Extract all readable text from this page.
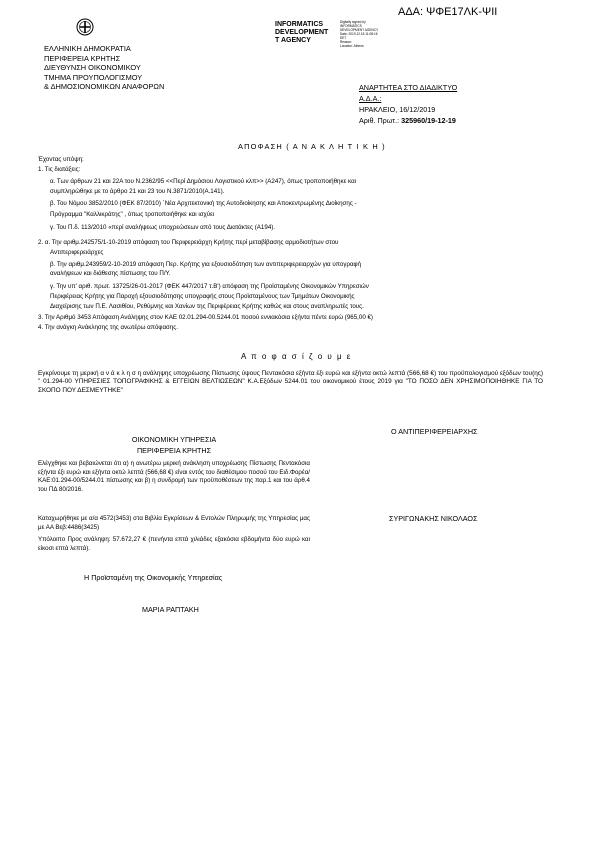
ΑΔΑ: ΨΦΕ17ΛΚ-ΨΙΙ
ΕΛΛΗΝΙΚΗ ΔΗΜΟΚΡΑΤΙΑ
ΠΕΡΙΦΕΡΕΙΑ ΚΡΗΤΗΣ
ΔΙΕΥΘΥΝΣΗ ΟΙΚΟΝΟΜΙΚΟΥ
ΤΜΗΜΑ ΠΡΟΥΠΟΛΟΓΙΣΜΟΥ
& ΔΗΜΟΣΙΟΝΟΜΙΚΩΝ ΑΝΑΦΟΡΩΝ
INFORMATICS
DEVELOPMENT
T AGENCY
Digitally signed by
INFORMATICS
DEVELOPMENT AGENCY
Date: 2019.12.18 11:08:16
EET
Reason:
Location: Athens
ΑΝΑΡΤΗΤΕΑ ΣΤΟ ΔΙΑΔΙΚΤΥΟ
Α.Δ.Α.:
ΗΡΑΚΛΕΙΟ, 16/12/2019
Αριθ. Πρωτ.: 325960/19-12-19
ΑΠΟΦΑΣΗ ( Α Ν Α Κ Λ Η Τ Ι Κ Η )
Έχοντας υπόψη:
1. Τις διατάξεις:
α. Των άρθρων 21 και 22Α του Ν.2362/95 <<Περί Δημόσιου Λογιστικού κλπ>> (Α247), όπως τροποποιήθηκε και
συμπληρώθηκε με το άρθρο 21 και 23 του Ν.3871/2010(Α.141).
β. Του Νόμου 3852/2010 (ΦΕΚ 87/2010) ΄Νέα Αρχιτεκτονική της Αυτοδιοίκησης και Αποκεντρωμένης Διοίκησης -
Πρόγραμμα "Καλλικράτης" , όπως τροποποιήθηκε και ισχύει
γ. Του Π.δ. 113/2010 «περί αναλήψεως υποχρεώσεων από τους Διατάκτες (Α194).
2. α. Την αριθμ.242575/1-10-2019 απόφαση του Περιφερειάρχη Κρήτης περί μεταβίβασης αρμοδιοτήτων στου
Αντιπεριφερειάρχες
β. Την αριθμ.243959/2-10-2019 απόφαση Περ. Κρήτης για εξουσιοδότηση των αντιπεριφερειαρχών για υπογραφή
αναλήψεων και διάθεσης πίστωσης του Π/Υ.
γ. Την υπ' αριθ. πρωτ. 13725/26-01-2017 (ΦΕΚ 447/2017 τ.Β') απόφαση της Προϊσταμένης Οικονομικών Υπηρεσιών
Περιφέρειας Κρήτης για Παροχή εξουσιοδότησης υπογραφής στους Προϊσταμένους των Τμημάτων Οικονομικής
Διαχείρισης των Π.Ε. Λασιθίου, Ρεθύμνης και Χανίων της Περιφέρειας Κρήτης καθώς και στους αναπληρωτές τους.
3. Την Αριθμό 3453 Απόφαση Ανάληψης στον ΚΑΕ 02.01.294-00.5244.01 ποσού εννιακόσια εξήντα πέντε ευρώ (965,00 €)
4. Την ανάγκη Ανάκλησης της ανωτέρω απόφασης.
Α π ο φ α σ ί ζ ο υ μ ε
Εγκρίνουμε τη μερική α ν ά κ λ η σ η ανάληψης υποχρέωσης Πίστωσης ύψους Πεντακόσια εξήντα έξι ευρώ και εξήντα οκτώ λεπτά (566,68 €) του προϋπολογισμού εξόδων του(ης) " 01.294-00 ΥΠΗΡΕΣΙΕΣ ΤΟΠΟΓΡΑΦΙΚΗΣ & ΕΓΓΕΙΩΝ ΒΕΛΤΙΩΣΕΩΝ" Κ.Α.Εξόδων 5244.01 του οικονομικού έτους 2019 για "ΤΟ ΠΟΣΟ ΔΕΝ ΧΡΗΣΙΜΟΠΟΙΗΘΗΚΕ ΓΙΑ ΤΟ ΣΚΟΠΟ ΠΟΥ ΔΕΣΜΕΥΤΗΚΕ"
ΟΙΚΟΝΟΜΙΚΗ ΥΠΗΡΕΣΙΑ
ΠΕΡΙΦΕΡΕΙΑ ΚΡΗΤΗΣ
Ελέγχθηκε και βεβαιώνεται ότι α) η ανωτέρω μερική ανάκληση υποχρέωσης Πίστωσης Πεντακόσια εξήντα έξι ευρώ και εξήντα οκτώ λεπτά (566,68 €) είναι εντός του διαθέσιμου ποσού του Ειδ.Φορέα/ΚΑΕ:01.294-00/5244.01 πίστωσης και β) η συνδρομή των προϋποθέσεων της παρ.1 και του άρθ.4 του ΠΔ 80/2016.
Καταχωρήθηκε με α/α 4572(3453) στα Βιβλία Εγκρίσεων & Εντολών Πληρωμής της Υπηρεσίας μας με ΑΑ Βεβ:4486(3425)
Υπόλοιπο Προς ανάληψη: 57.672,27 € (πενήντα επτά χιλιάδες εξακόσια εβδομήντα δύο ευρώ και είκοσι επτά λεπτά).
Η Προϊσταμένη της Οικονομικής Υπηρεσίας
ΜΑΡΙΑ ΡΑΠΤΑΚΗ
Ο ΑΝΤΙΠΕΡΙΦΕΡΕΙΑΡΧΗΣ
ΣΥΡΙΓΩΝΑΚΗΣ ΝΙΚΟΛΑΟΣ
